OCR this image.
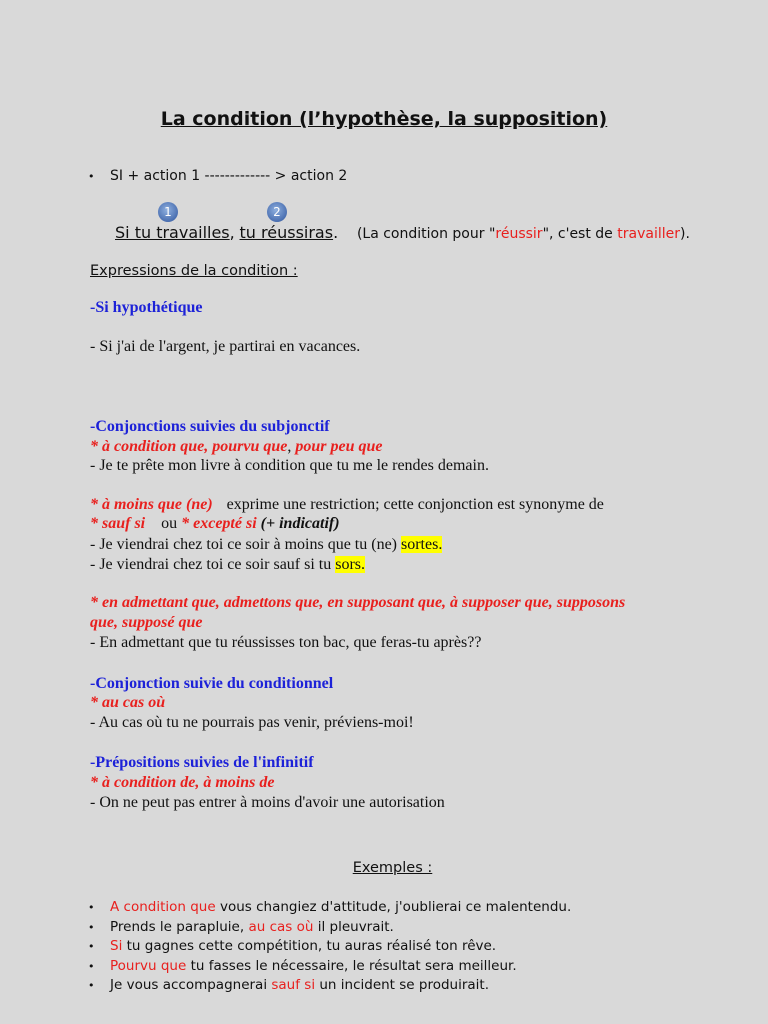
La condition (l’hypothèse, la supposition)
• SI + action 1 ------------- > action 2
1	2
Si tu travailles, tu réussiras. (La condition pour "réussir", c'est de travailler).
Expressions de la condition :
-Si hypothétique
- Si j'ai de l'argent, je partirai en vacances.
-Conjonctions suivies du subjonctif
* à condition que, pourvu que, pour peu que
- Je te prête mon livre à condition que tu me le rendes demain.
* à moins que (ne) exprime une restriction; cette conjonction est synonyme de
* sauf si ou * excepté si (+ indicatif)
- Je viendrai chez toi ce soir à moins que tu (ne) sortes.
- Je viendrai chez toi ce soir sauf si tu sors.
* en admettant que, admettons que, en supposant que, à supposer que, supposons
que, supposé que
- En admettant que tu réussisses ton bac, que feras-tu après??
-Conjonction suivie du conditionnel
* au cas où
- Au cas où tu ne pourrais pas venir, préviens-moi!
-Prépositions suivies de l'infinitif
* à condition de, à moins de
- On ne peut pas entrer à moins d'avoir une autorisation
Exemples :
• A condition que vous changiez d'attitude, j'oublierai ce malentendu.
• Prends le parapluie, au cas où il pleuvrait.
• Si tu gagnes cette compétition, tu auras réalisé ton rêve.
• Pourvu que tu fasses le nécessaire, le résultat sera meilleur.
• Je vous accompagnerai sauf si un incident se produirait.
